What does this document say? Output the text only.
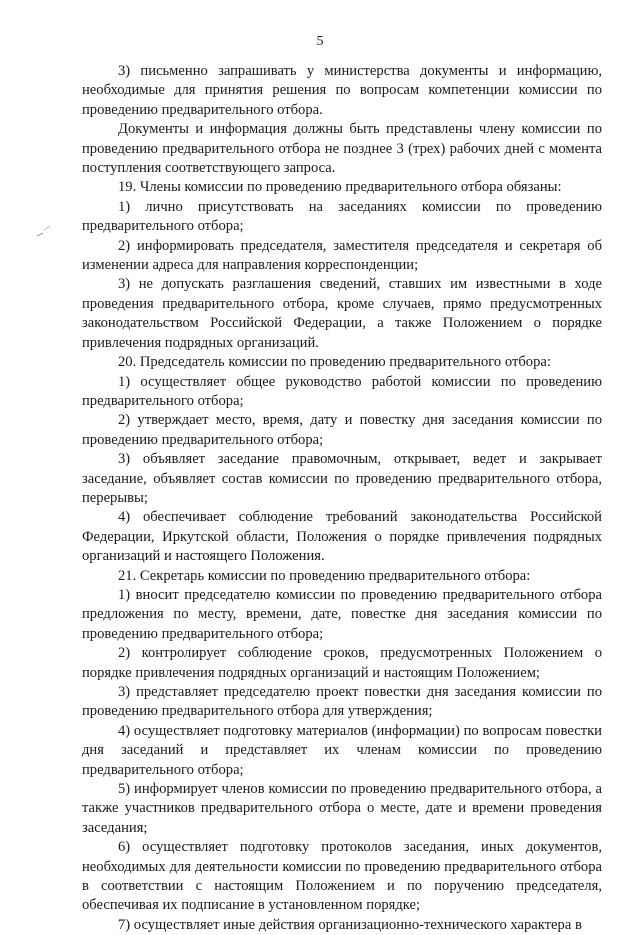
5

3) письменно запрашивать у министерства документы и информацию, необходимые для принятия решения по вопросам компетенции комиссии по проведению предварительного отбора.

Документы и информация должны быть представлены члену комиссии по проведению предварительного отбора не позднее 3 (трех) рабочих дней с момента поступления соответствующего запроса.

19. Члены комиссии по проведению предварительного отбора обязаны:

1) лично присутствовать на заседаниях комиссии по проведению предварительного отбора;

2) информировать председателя, заместителя председателя и секретаря об изменении адреса для направления корреспонденции;

3) не допускать разглашения сведений, ставших им известными в ходе проведения предварительного отбора, кроме случаев, прямо предусмотренных законодательством Российской Федерации, а также Положением о порядке привлечения подрядных организаций.

20. Председатель комиссии по проведению предварительного отбора:

1) осуществляет общее руководство работой комиссии по проведению предварительного отбора;

2) утверждает место, время, дату и повестку дня заседания комиссии по проведению предварительного отбора;

3) объявляет заседание правомочным, открывает, ведет и закрывает заседание, объявляет состав комиссии по проведению предварительного отбора, перерывы;

4) обеспечивает соблюдение требований законодательства Российской Федерации, Иркутской области, Положения о порядке привлечения подрядных организаций и настоящего Положения.

21. Секретарь комиссии по проведению предварительного отбора:

1) вносит председателю комиссии по проведению предварительного отбора предложения по месту, времени, дате, повестке дня заседания комиссии по проведению предварительного отбора;

2) контролирует соблюдение сроков, предусмотренных Положением о порядке привлечения подрядных организаций и настоящим Положением;

3) представляет председателю проект повестки дня заседания комиссии по проведению предварительного отбора для утверждения;

4) осуществляет подготовку материалов (информации) по вопросам повестки дня заседаний и представляет их членам комиссии по проведению предварительного отбора;

5) информирует членов комиссии по проведению предварительного отбора, а также участников предварительного отбора о месте, дате и времени проведения заседания;

6) осуществляет подготовку протоколов заседания, иных документов, необходимых для деятельности комиссии по проведению предварительного отбора в соответствии с настоящим Положением и по поручению председателя, обеспечивая их подписание в установленном порядке;

7) осуществляет иные действия организационно-технического характера в
